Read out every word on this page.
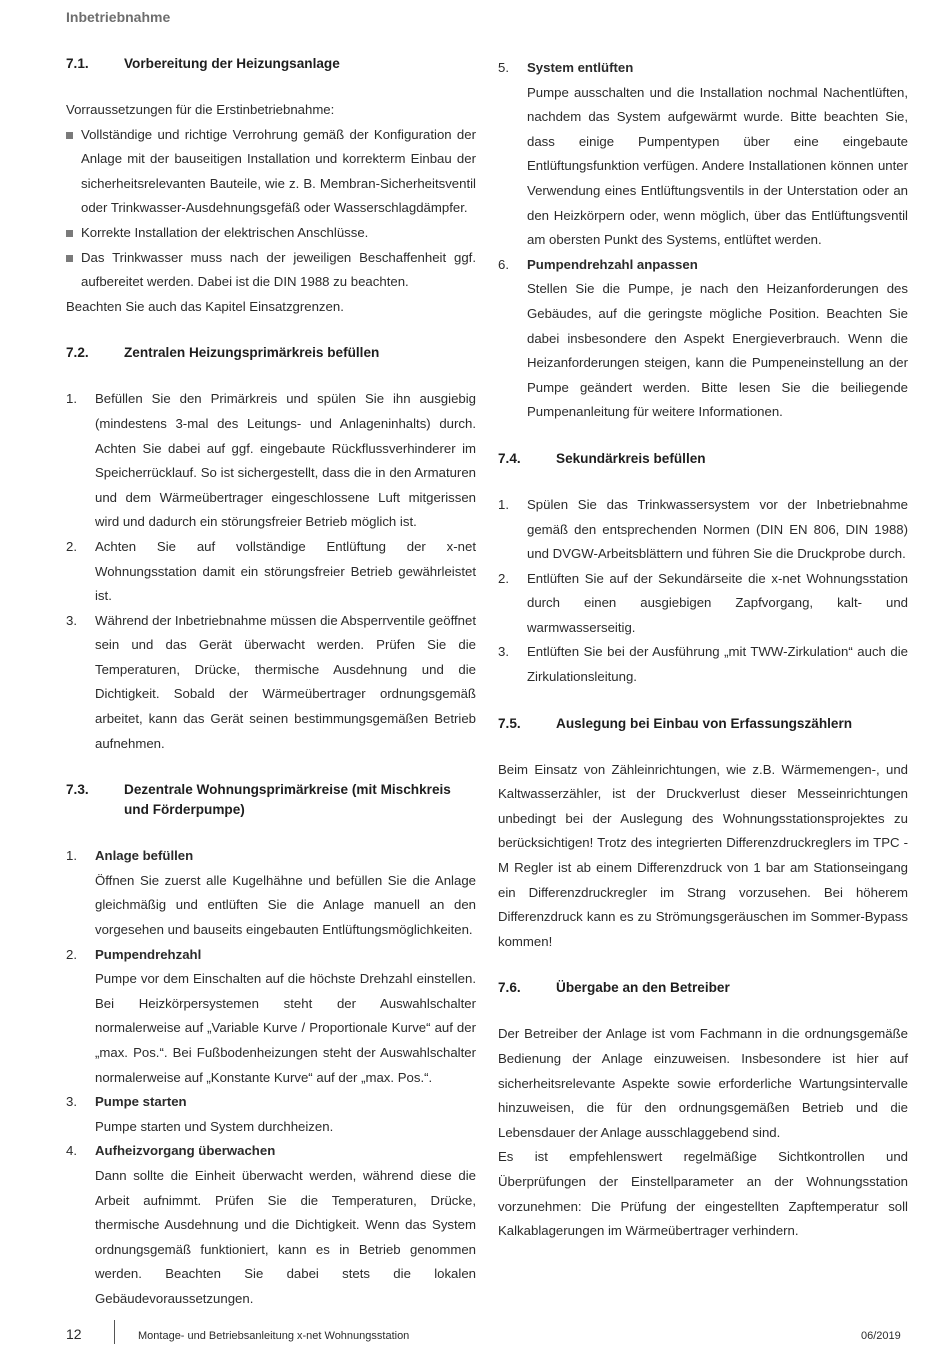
Inbetriebnahme
7.1.	Vorbereitung der Heizungsanlage

Vorraussetzungen für die Erstinbetriebnahme:

Vollständige und richtige Verrohrung gemäß der Konfiguration der Anlage mit der bauseitigen Installation und korrekterm Einbau der sicherheitsrelevanten Bauteile, wie z. B. Membran-Sicherheitsventil oder Trinkwasser-Ausdehnungsgefäß oder Wasserschlagdämpfer.
Korrekte Installation der elektrischen Anschlüsse.
Das Trinkwasser muss nach der jeweiligen Beschaffenheit ggf. aufbereitet werden. Dabei ist die DIN 1988 zu beachten.

Beachten Sie auch das Kapitel Einsatzgrenzen.

7.2.	Zentralen Heizungsprimärkreis befüllen
1.	Befüllen Sie den Primärkreis und spülen Sie ihn ausgiebig (mindestens 3-mal des Leitungs- und Anlageninhalts) durch. Achten Sie dabei auf ggf. eingebaute Rückflussverhinderer im Speicherrücklauf. So ist sichergestellt, dass die in den Armaturen und dem Wärmeübertrager eingeschlossene Luft mitgerissen wird und dadurch ein störungsfreier Betrieb möglich ist.
2.	Achten Sie auf vollständige Entlüftung der x-net Wohnungsstation damit ein störungsfreier Betrieb gewährleistet ist.
3.	Während der Inbetriebnahme müssen die Absperrventile geöffnet sein und das Gerät überwacht werden. Prüfen Sie die Temperaturen, Drücke, thermische Ausdehnung und die Dichtigkeit. Sobald der Wärmeübertrager ordnungsgemäß arbeitet, kann das Gerät seinen bestimmungsgemäßen Betrieb aufnehmen.
7.3.	Dezentrale Wohnungsprimärkreise (mit Mischkreis und Förderpumpe)
1.	Anlage befüllen
Öffnen Sie zuerst alle Kugelhähne und befüllen Sie die Anlage gleichmäßig und entlüften Sie die Anlage manuell an den vorgesehen und bauseits eingebauten Entlüftungsmöglichkeiten.
2.	Pumpendrehzahl
Pumpe vor dem Einschalten auf die höchste Drehzahl einstellen. Bei Heizkörpersystemen steht der Auswahlschalter normalerweise auf „Variable Kurve / Proportionale Kurve“ auf der „max. Pos.“. Bei Fußbodenheizungen steht der Auswahlschalter normalerweise auf „Konstante Kurve“ auf der „max. Pos.“.
3.	Pumpe starten
Pumpe starten und System durchheizen.
4.	Aufheizvorgang überwachen
Dann sollte die Einheit überwacht werden, während diese die Arbeit aufnimmt. Prüfen Sie die Temperaturen, Drücke, thermische Ausdehnung und die Dichtigkeit. Wenn das System ordnungsgemäß funktioniert, kann es in Betrieb genommen werden. Beachten Sie dabei stets die lokalen Gebäudevoraussetzungen.
5.	System entlüften
Pumpe ausschalten und die Installation nochmal Nachentlüften, nachdem das System aufgewärmt wurde. Bitte beachten Sie, dass einige Pumpentypen über eine eingebaute Entlüftungsfunktion verfügen. Andere Installationen können unter Verwendung eines Entlüftungsventils in der Unterstation oder an den Heizkörpern oder, wenn möglich, über das Entlüftungsventil am obersten Punkt des Systems, entlüftet werden.
6.	Pumpendrehzahl anpassen
Stellen Sie die Pumpe, je nach den Heizanforderungen des Gebäudes, auf die geringste mögliche Position. Beachten Sie dabei insbesondere den Aspekt Energieverbrauch. Wenn die Heizanforderungen steigen, kann die Pumpeneinstellung an der Pumpe geändert werden. Bitte lesen Sie die beiliegende Pumpenanleitung für weitere Informationen.
7.4.	Sekundärkreis befüllen
1.	Spülen Sie das Trinkwassersystem vor der Inbetriebnahme gemäß den entsprechenden Normen (DIN EN 806, DIN 1988) und DVGW-Arbeitsblättern und führen Sie die Druckprobe durch.
2.	Entlüften Sie auf der Sekundärseite die x-net Wohnungsstation durch einen ausgiebigen Zapfvorgang, kalt- und warmwasserseitig.
3.	Entlüften Sie bei der Ausführung „mit TWW-Zirkulation“ auch die Zirkulationsleitung.
7.5.	Auslegung bei Einbau von Erfassungszählern

Beim Einsatz von Zähleinrichtungen, wie z.B. Wärmemengen-, und Kaltwasserzähler, ist der Druckverlust dieser Messeinrichtungen unbedingt bei der Auslegung des Wohnungsstationsprojektes zu berücksichtigen! Trotz des integrierten Differenzdruckreglers im TPC - M Regler ist ab einem Differenzdruck von 1 bar am Stationseingang ein Differenzdruckregler im Strang vorzusehen. Bei höherem Differenzdruck kann es zu Strömungsgeräuschen im Sommer-Bypass kommen!

7.6.	Übergabe an den Betreiber

Der Betreiber der Anlage ist vom Fachmann in die ordnungsgemäße Bedienung der Anlage einzuweisen. Insbesondere ist hier auf sicherheitsrelevante Aspekte sowie erforderliche Wartungsintervalle hinzuweisen, die für den ordnungsgemäßen Betrieb und die Lebensdauer der Anlage ausschlaggebend sind.

Es ist empfehlenswert regelmäßige Sichtkontrollen und Überprüfungen der Einstellparameter an der Wohnungsstation vorzunehmen: Die Prüfung der eingestellten Zapftemperatur soll Kalkablagerungen im Wärmeübertrager verhindern.

12	Montage- und Betriebsanleitung x-net Wohnungsstation	06/2019
